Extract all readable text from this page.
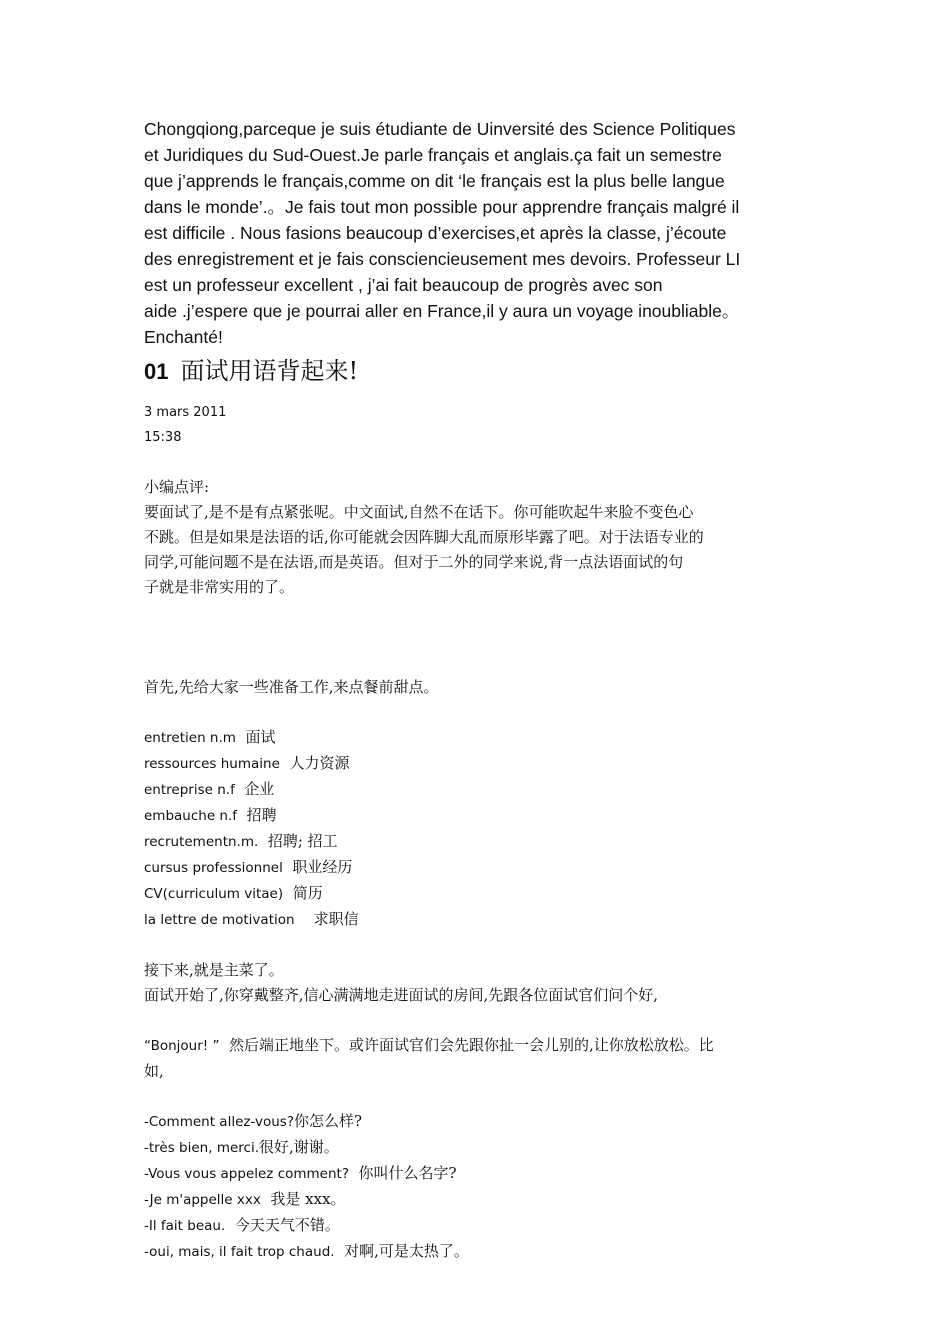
Chongqiong,parceque je suis étudiante de Uinversité des Science Politiques
et Juridiques du Sud-Ouest.Je parle français et anglais.ça fait un semestre
que j’apprends le français,comme on dit ‘le français est la plus belle langue
dans le monde’.。Je fais tout mon possible pour apprendre français malgré il
est difficile . Nous fasions beaucoup d’exercises,et après la classe, j’écoute
des enregistrement et je fais consciencieusement mes devoirs. Professeur LI
est un professeur excellent , j’ai fait beaucoup de progrès avec son
aide .j’espere que je pourrai aller en France,il y aura un voyage inoubliable。
Enchanté!
01 面试用语背起来!
3 mars 2011
15:38
小编点评:
要面试了,是不是有点紧张呢。中文面试,自然不在话下。你可能吹起牛来脸不变色心
不跳。但是如果是法语的话,你可能就会因阵脚大乱而原形毕露了吧。对于法语专业的
同学,可能问题不是在法语,而是英语。但对于二外的同学来说,背一点法语面试的句
子就是非常实用的了。
首先,先给大家一些准备工作,来点餐前甜点。
entretien n.m 面试
ressources humaine 人力资源
entreprise n.f 企业
embauche n.f 招聘
recrutementn.m. 招聘; 招工
cursus professionnel 职业经历
CV(curriculum vitae) 简历
la lettre de motivation 求职信
接下来,就是主菜了。
面试开始了,你穿戴整齐,信心满满地走进面试的房间,先跟各位面试官们问个好,
“Bonjour! ” 然后端正地坐下。或许面试官们会先跟你扯一会儿别的,让你放松放松。比
如,
-Comment allez-vous?你怎么样?
-très bien, merci.很好,谢谢。
-Vous vous appelez comment? 你叫什么名字?
-Je m'appelle xxx 我是 xxx。
-Il fait beau. 今天天气不错。
-oui, mais, il fait trop chaud. 对啊,可是太热了。
